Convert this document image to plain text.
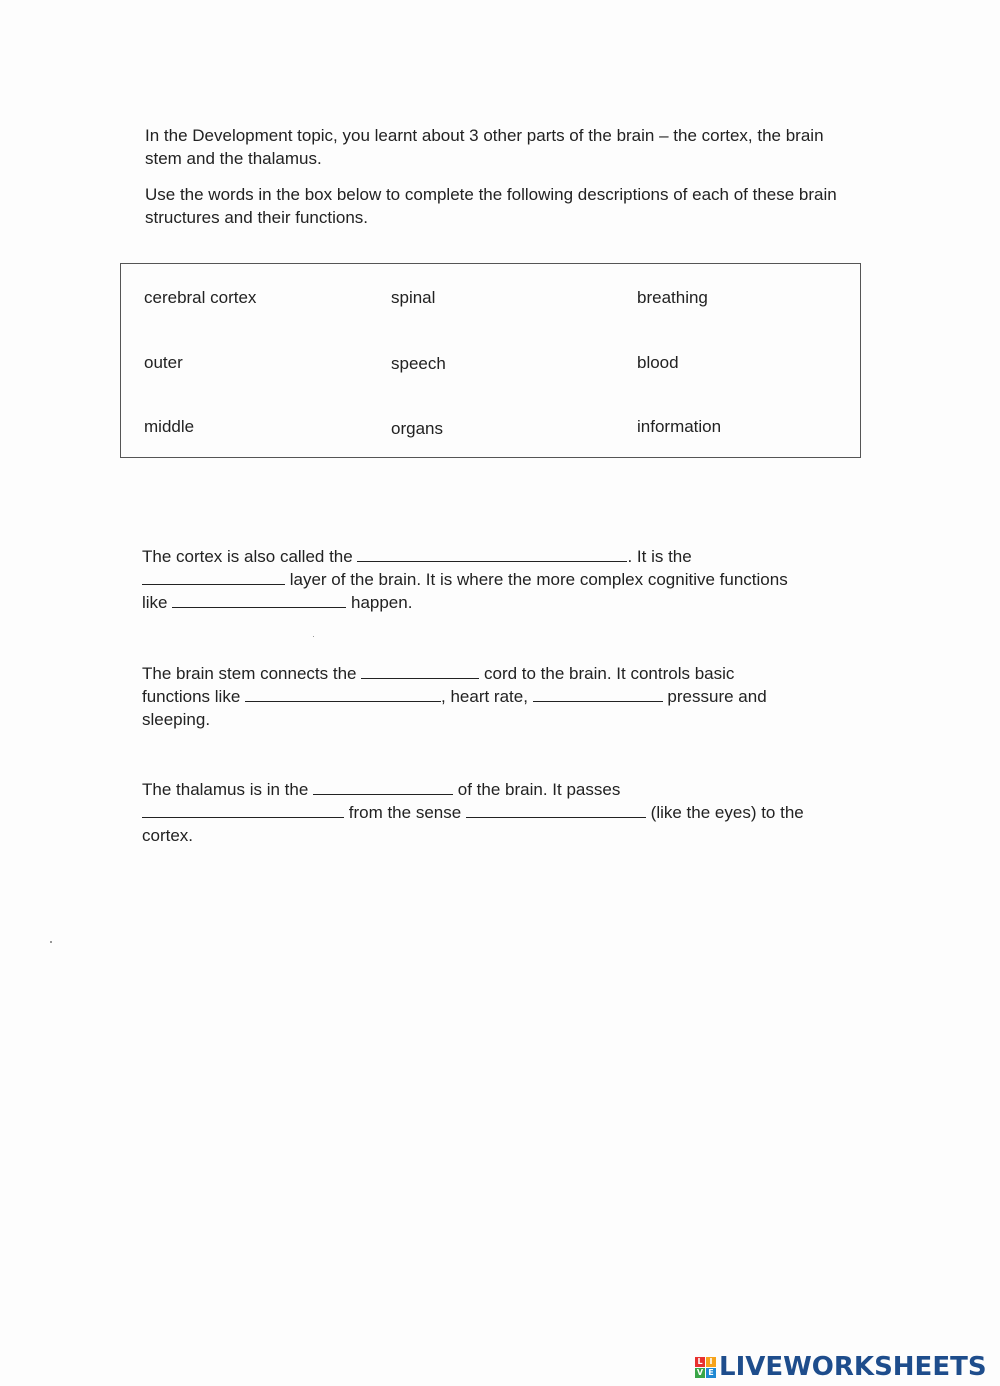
In the Development topic, you learnt about 3 other parts of the brain – the cortex, the brain stem and the thalamus.

Use the words in the box below to complete the following descriptions of each of these brain structures and their functions.

cerebral cortex	spinal	breathing
outer	speech	blood
middle	organs	information
The cortex is also called the	. It is the
layer of the brain. It is where the more complex cognitive functions
like	happen.
The brain stem connects the	cord to the brain. It controls basic
functions like	, heart rate,	pressure and
sleeping.
The thalamus is in the	of the brain. It passes
from the sense	(like the eyes) to the
cortex.
L I
V E LIVEWORKSHEETS
